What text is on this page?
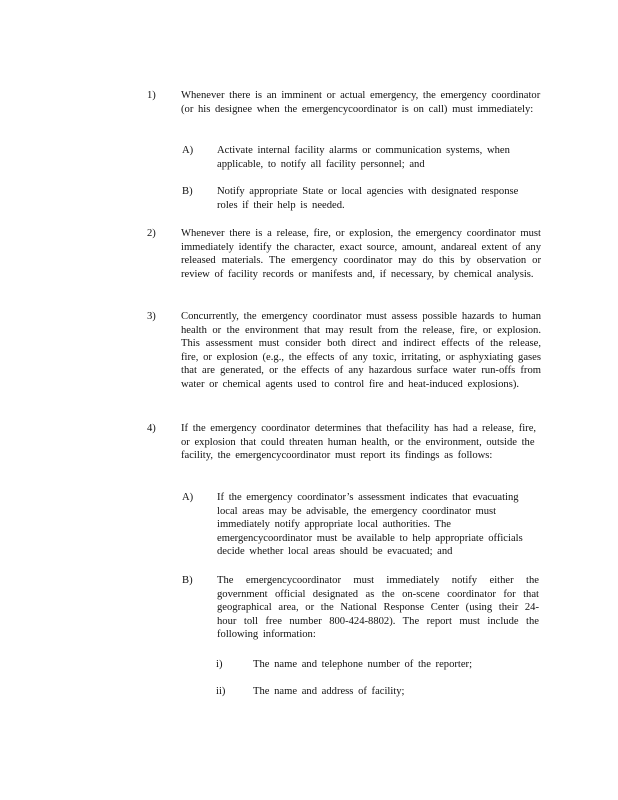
1) Whenever there is an imminent or actual emergency, the emergency coordinator (or his designee when the emergencycoordinator is on call) must immediately:
A) Activate internal facility alarms or communication systems, when applicable, to notify all facility personnel; and
B) Notify appropriate State or local agencies with designated response roles if their help is needed.
2) Whenever there is a release, fire, or explosion, the emergency coordinator must immediately identify the character, exact source, amount, andareal extent of any released materials. The emergency coordinator may do this by observation or review of facility records or manifests and, if necessary, by chemical analysis.
3) Concurrently, the emergency coordinator must assess possible hazards to human health or the environment that may result from the release, fire, or explosion. This assessment must consider both direct and indirect effects of the release, fire, or explosion (e.g., the effects of any toxic, irritating, or asphyxiating gases that are generated, or the effects of any hazardous surface water run-offs from water or chemical agents used to control fire and heat-induced explosions).
4) If the emergency coordinator determines that thefacility has had a release, fire, or explosion that could threaten human health, or the environment, outside the facility, the emergencycoordinator must report its findings as follows:
A) If the emergency coordinator’s assessment indicates that evacuating local areas may be advisable, the emergency coordinator must immediately notify appropriate local authorities. The emergencycoordinator must be available to help appropriate officials decide whether local areas should be evacuated; and
B) The emergencycoordinator must immediately notify either the government official designated as the on-scene coordinator for that geographical area, or the National Response Center (using their 24-hour toll free number 800-424-8802). The report must include the following information:
i)	The name and telephone number of the reporter;
ii)	The name and address of facility;
